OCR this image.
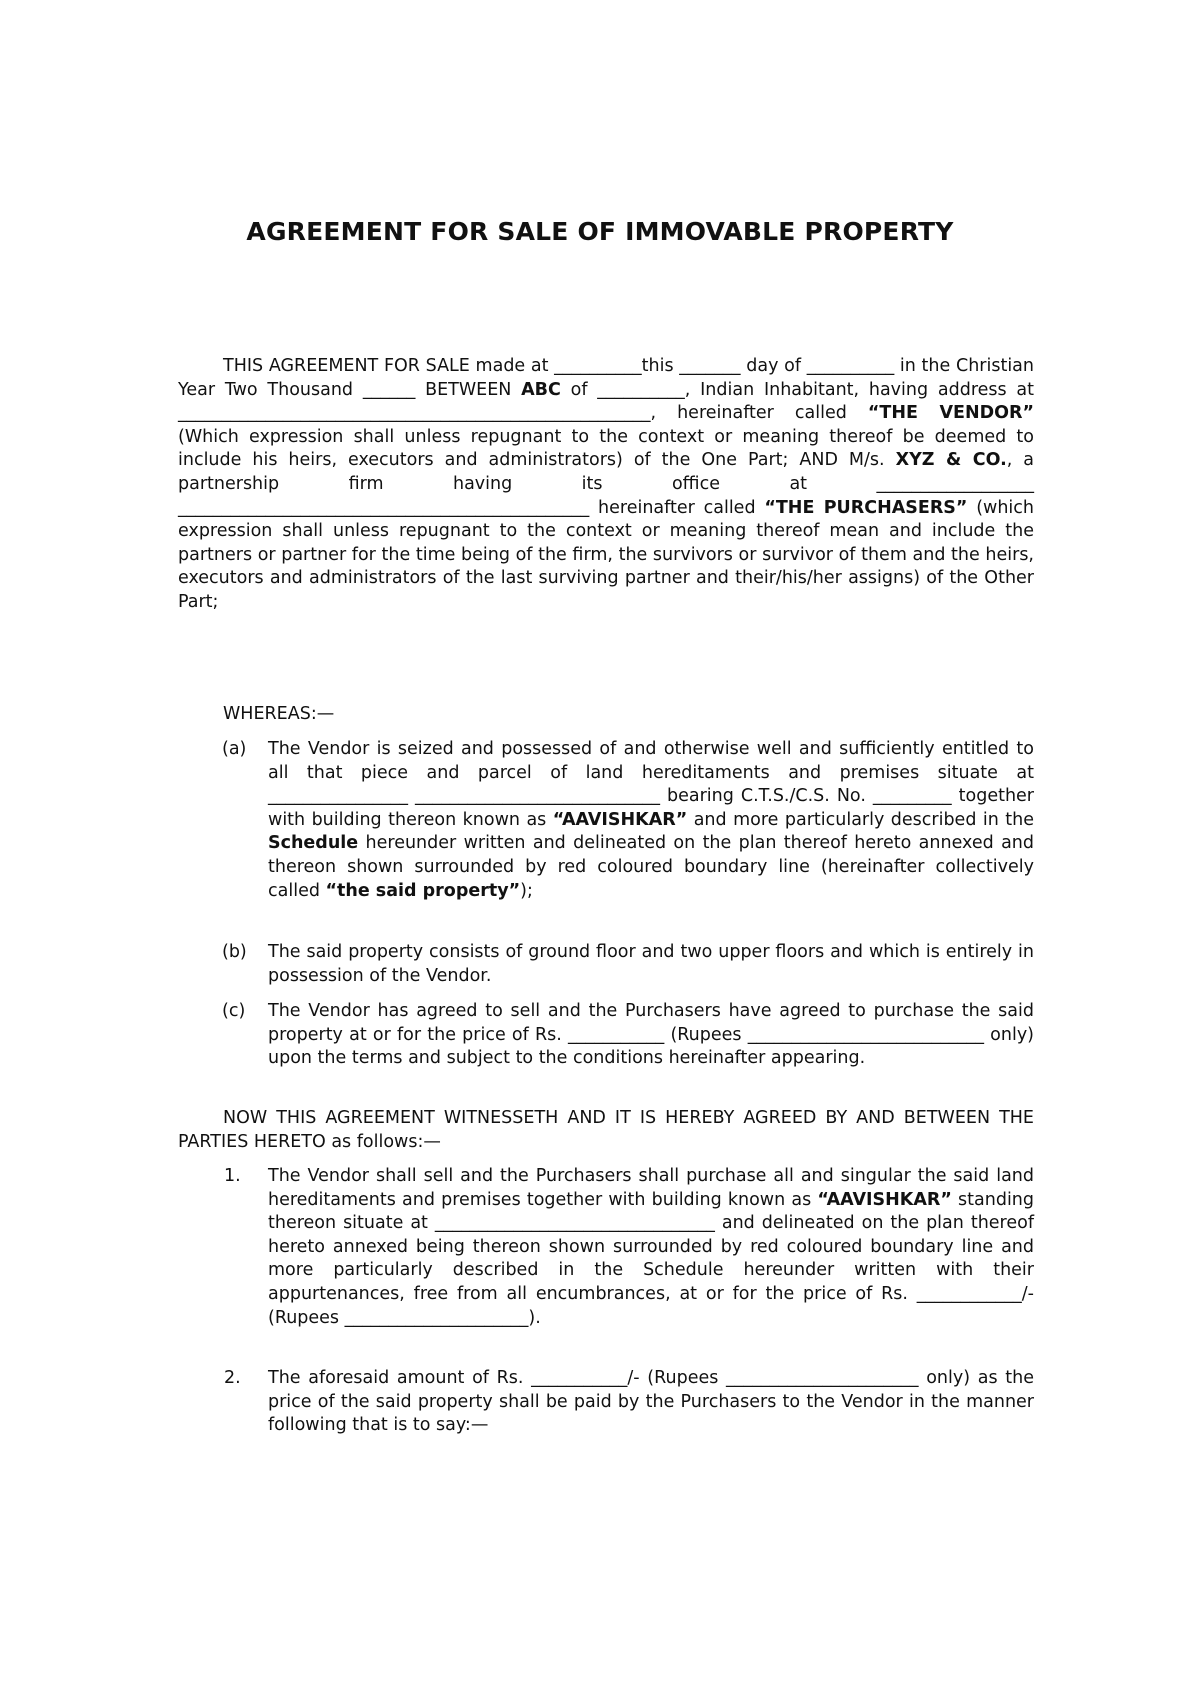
AGREEMENT FOR SALE OF IMMOVABLE PROPERTY

THIS AGREEMENT FOR SALE made at __________this _______ day of __________ in the Christian Year Two Thousand ______ BETWEEN ABC of __________, Indian Inhabitant, having address at ______________________________________________________, hereinafter called “THE VENDOR” (Which expression shall unless repugnant to the context or meaning thereof be deemed to include his heirs, executors and administrators) of the One Part; AND M/s. XYZ & CO., a partnership firm having its office at __________________ _______________________________________________ hereinafter called “THE PURCHASERS” (which expression shall unless repugnant to the context or meaning thereof mean and include the partners or partner for the time being of the firm, the survivors or survivor of them and the heirs, executors and administrators of the last surviving partner and their/his/her assigns) of the Other Part;

WHEREAS:—

(a) The Vendor is seized and possessed of and otherwise well and sufficiently entitled to all that piece and parcel of land hereditaments and premises situate at ________________ ____________________________ bearing C.T.S./C.S. No. _________ together with building thereon known as “AAVISHKAR” and more particularly described in the Schedule hereunder written and delineated on the plan thereof hereto annexed and thereon shown surrounded by red coloured boundary line (hereinafter collectively called “the said property”);

(b) The said property consists of ground floor and two upper floors and which is entirely in possession of the Vendor.

(c) The Vendor has agreed to sell and the Purchasers have agreed to purchase the said property at or for the price of Rs. ___________ (Rupees ___________________________ only) upon the terms and subject to the conditions hereinafter appearing.

NOW THIS AGREEMENT WITNESSETH AND IT IS HEREBY AGREED BY AND BETWEEN THE PARTIES HERETO as follows:—

1. The Vendor shall sell and the Purchasers shall purchase all and singular the said land hereditaments and premises together with building known as “AAVISHKAR” standing thereon situate at ________________________________ and delineated on the plan thereof hereto annexed being thereon shown surrounded by red coloured boundary line and more particularly described in the Schedule hereunder written with their appurtenances, free from all encumbrances, at or for the price of Rs. ____________/- (Rupees _____________________).

2. The aforesaid amount of Rs. ___________/- (Rupees ______________________ only) as the price of the said property shall be paid by the Purchasers to the Vendor in the manner following that is to say:—
